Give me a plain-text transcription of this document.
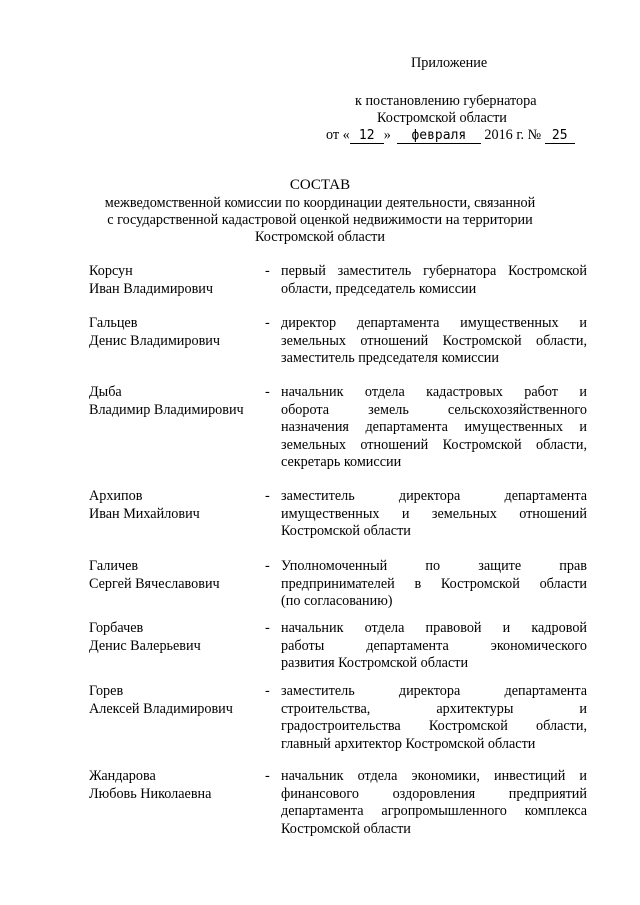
Приложение
к постановлению губернатора
Костромской области
от « 12 » февраля 2016 г. № 25
СОСТАВ
межведомственной комиссии по координации деятельности, связанной
с государственной кадастровой оценкой недвижимости на территории
Костромской области
Корсун
Иван Владимирович
- первый заместитель губернатора Костромской
области, председатель комиссии
Гальцев
Денис Владимирович
- директор департамента имущественных и
земельных отношений Костромской области,
заместитель председателя комиссии
Дыба
Владимир Владимирович
- начальник отдела кадастровых работ и
оборота земель сельскохозяйственного
назначения департамента имущественных и
земельных отношений Костромской области,
секретарь комиссии
Архипов
Иван Михайлович
- заместитель директора департамента
имущественных и земельных отношений
Костромской области
Галичев
Сергей Вячеславович
- Уполномоченный по защите прав
предпринимателей в Костромской области
(по согласованию)
Горбачев
Денис Валерьевич
- начальник отдела правовой и кадровой
работы департамента экономического
развития Костромской области
Горев
Алексей Владимирович
- заместитель директора департамента
строительства, архитектуры и
градостроительства Костромской области,
главный архитектор Костромской области
Жандарова
Любовь Николаевна
- начальник отдела экономики, инвестиций и
финансового оздоровления предприятий
департамента агропромышленного комплекса
Костромской области
